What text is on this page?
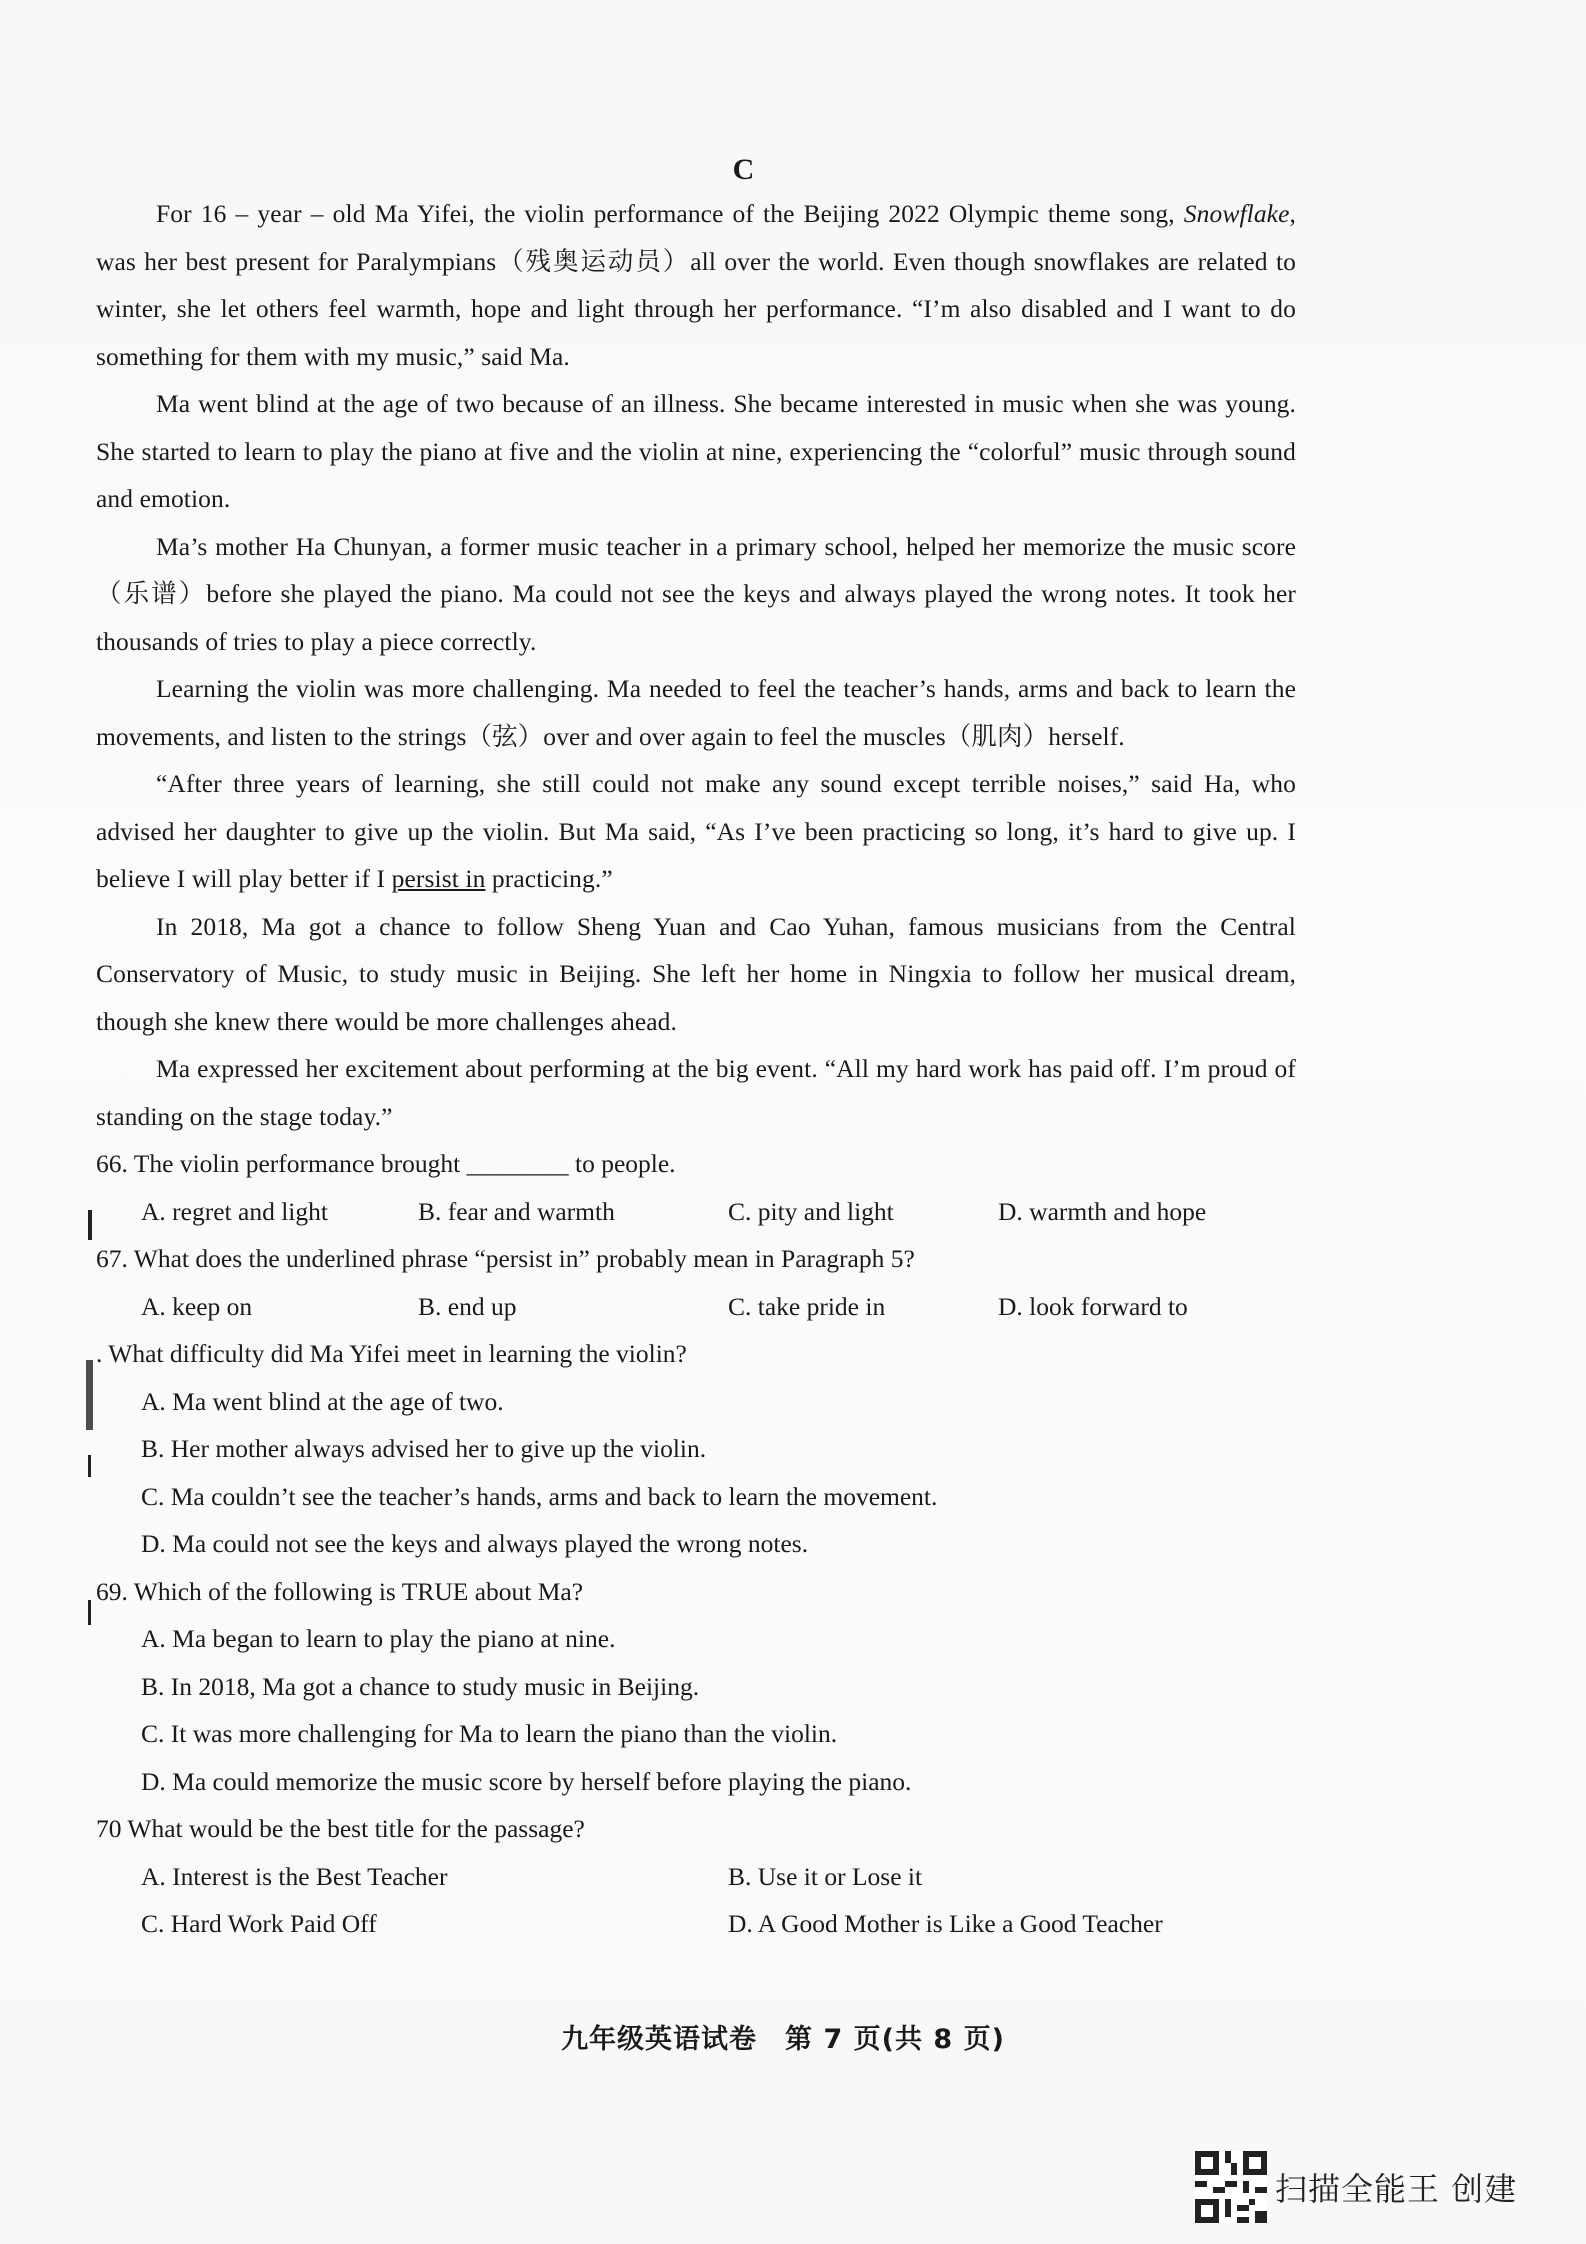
C

For 16 – year – old Ma Yifei, the violin performance of the Beijing 2022 Olympic theme song, Snowflake, was her best present for Paralympians（残奥运动员）all over the world. Even though snowflakes are related to winter, she let others feel warmth, hope and light through her performance. “I’m also disabled and I want to do something for them with my music,” said Ma.

Ma went blind at the age of two because of an illness. She became interested in music when she was young. She started to learn to play the piano at five and the violin at nine, experiencing the “colorful” music through sound and emotion.

Ma’s mother Ha Chunyan, a former music teacher in a primary school, helped her memorize the music score（乐谱）before she played the piano. Ma could not see the keys and always played the wrong notes. It took her thousands of tries to play a piece correctly.

Learning the violin was more challenging. Ma needed to feel the teacher’s hands, arms and back to learn the movements, and listen to the strings（弦）over and over again to feel the muscles（肌肉）herself.

“After three years of learning, she still could not make any sound except terrible noises,” said Ha, who advised her daughter to give up the violin. But Ma said, “As I’ve been practicing so long, it’s hard to give up. I believe I will play better if I persist in practicing.”

In 2018, Ma got a chance to follow Sheng Yuan and Cao Yuhan, famous musicians from the Central Conservatory of Music, to study music in Beijing. She left her home in Ningxia to follow her musical dream, though she knew there would be more challenges ahead.

Ma expressed her excitement about performing at the big event. “All my hard work has paid off. I’m proud of standing on the stage today.”

66. The violin performance brought ________ to people.

A. regret and light	B. fear and warmth	C. pity and light	D. warmth and hope

67. What does the underlined phrase “persist in” probably mean in Paragraph 5?

A. keep on	B. end up	C. take pride in	D. look forward to

. What difficulty did Ma Yifei meet in learning the violin?

A. Ma went blind at the age of two.

B. Her mother always advised her to give up the violin.

C. Ma couldn’t see the teacher’s hands, arms and back to learn the movement.

D. Ma could not see the keys and always played the wrong notes.

69. Which of the following is TRUE about Ma?

A. Ma began to learn to play the piano at nine.

B. In 2018, Ma got a chance to study music in Beijing.

C. It was more challenging for Ma to learn the piano than the violin.

D. Ma could memorize the music score by herself before playing the piano.

70 What would be the best title for the passage?

A. Interest is the Best Teacher	B. Use it or Lose it
C. Hard Work Paid Off	D. A Good Mother is Like a Good Teacher
九年级英语试卷　第 7 页(共 8 页)
扫描全能王 创建
